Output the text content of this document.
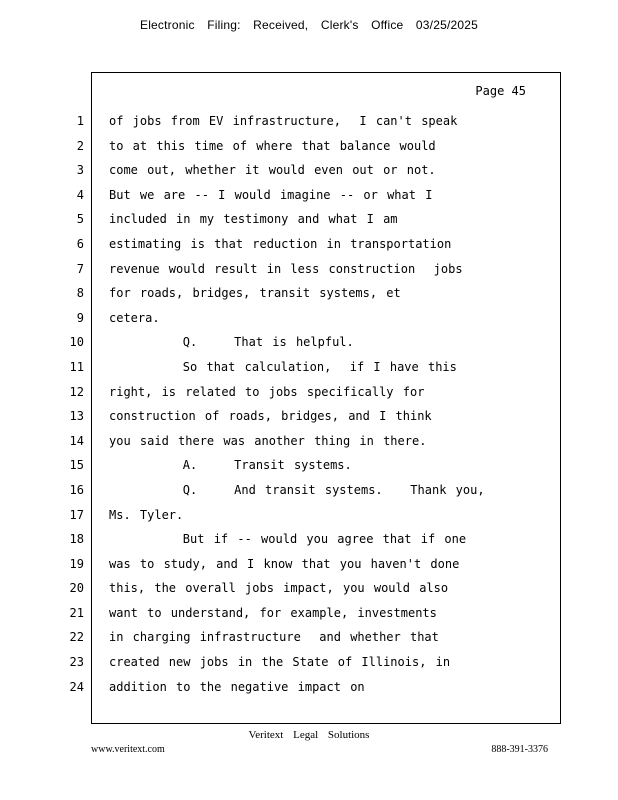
Electronic Filing: Received, Clerk's Office 03/25/2025
Page 45
1
2
3
4
5
6
7
8
9
10
11
12
13
14
15
16
17
18
19
20
21
22
23
24
of jobs from EV infrastructure,  I can't speak
to at this time of where that balance would
come out, whether it would even out or not.
But we are -- I would imagine -- or what I
included in my testimony and what I am
estimating is that reduction in transportation
revenue would result in less construction  jobs
for roads, bridges, transit systems, et
cetera.
Q.    That is helpful.
So that calculation,  if I have this
right, is related to jobs specifically for
construction of roads, bridges, and I think
you said there was another thing in there.
A.    Transit systems.
Q.    And transit systems.   Thank you,
Ms. Tyler.
But if -- would you agree that if one
was to study, and I know that you haven't done
this, the overall jobs impact, you would also
want to understand, for example, investments
in charging infrastructure  and whether that
created new jobs in the State of Illinois, in
addition to the negative impact on
Veritext Legal Solutions
www.veritext.com	888-391-3376
